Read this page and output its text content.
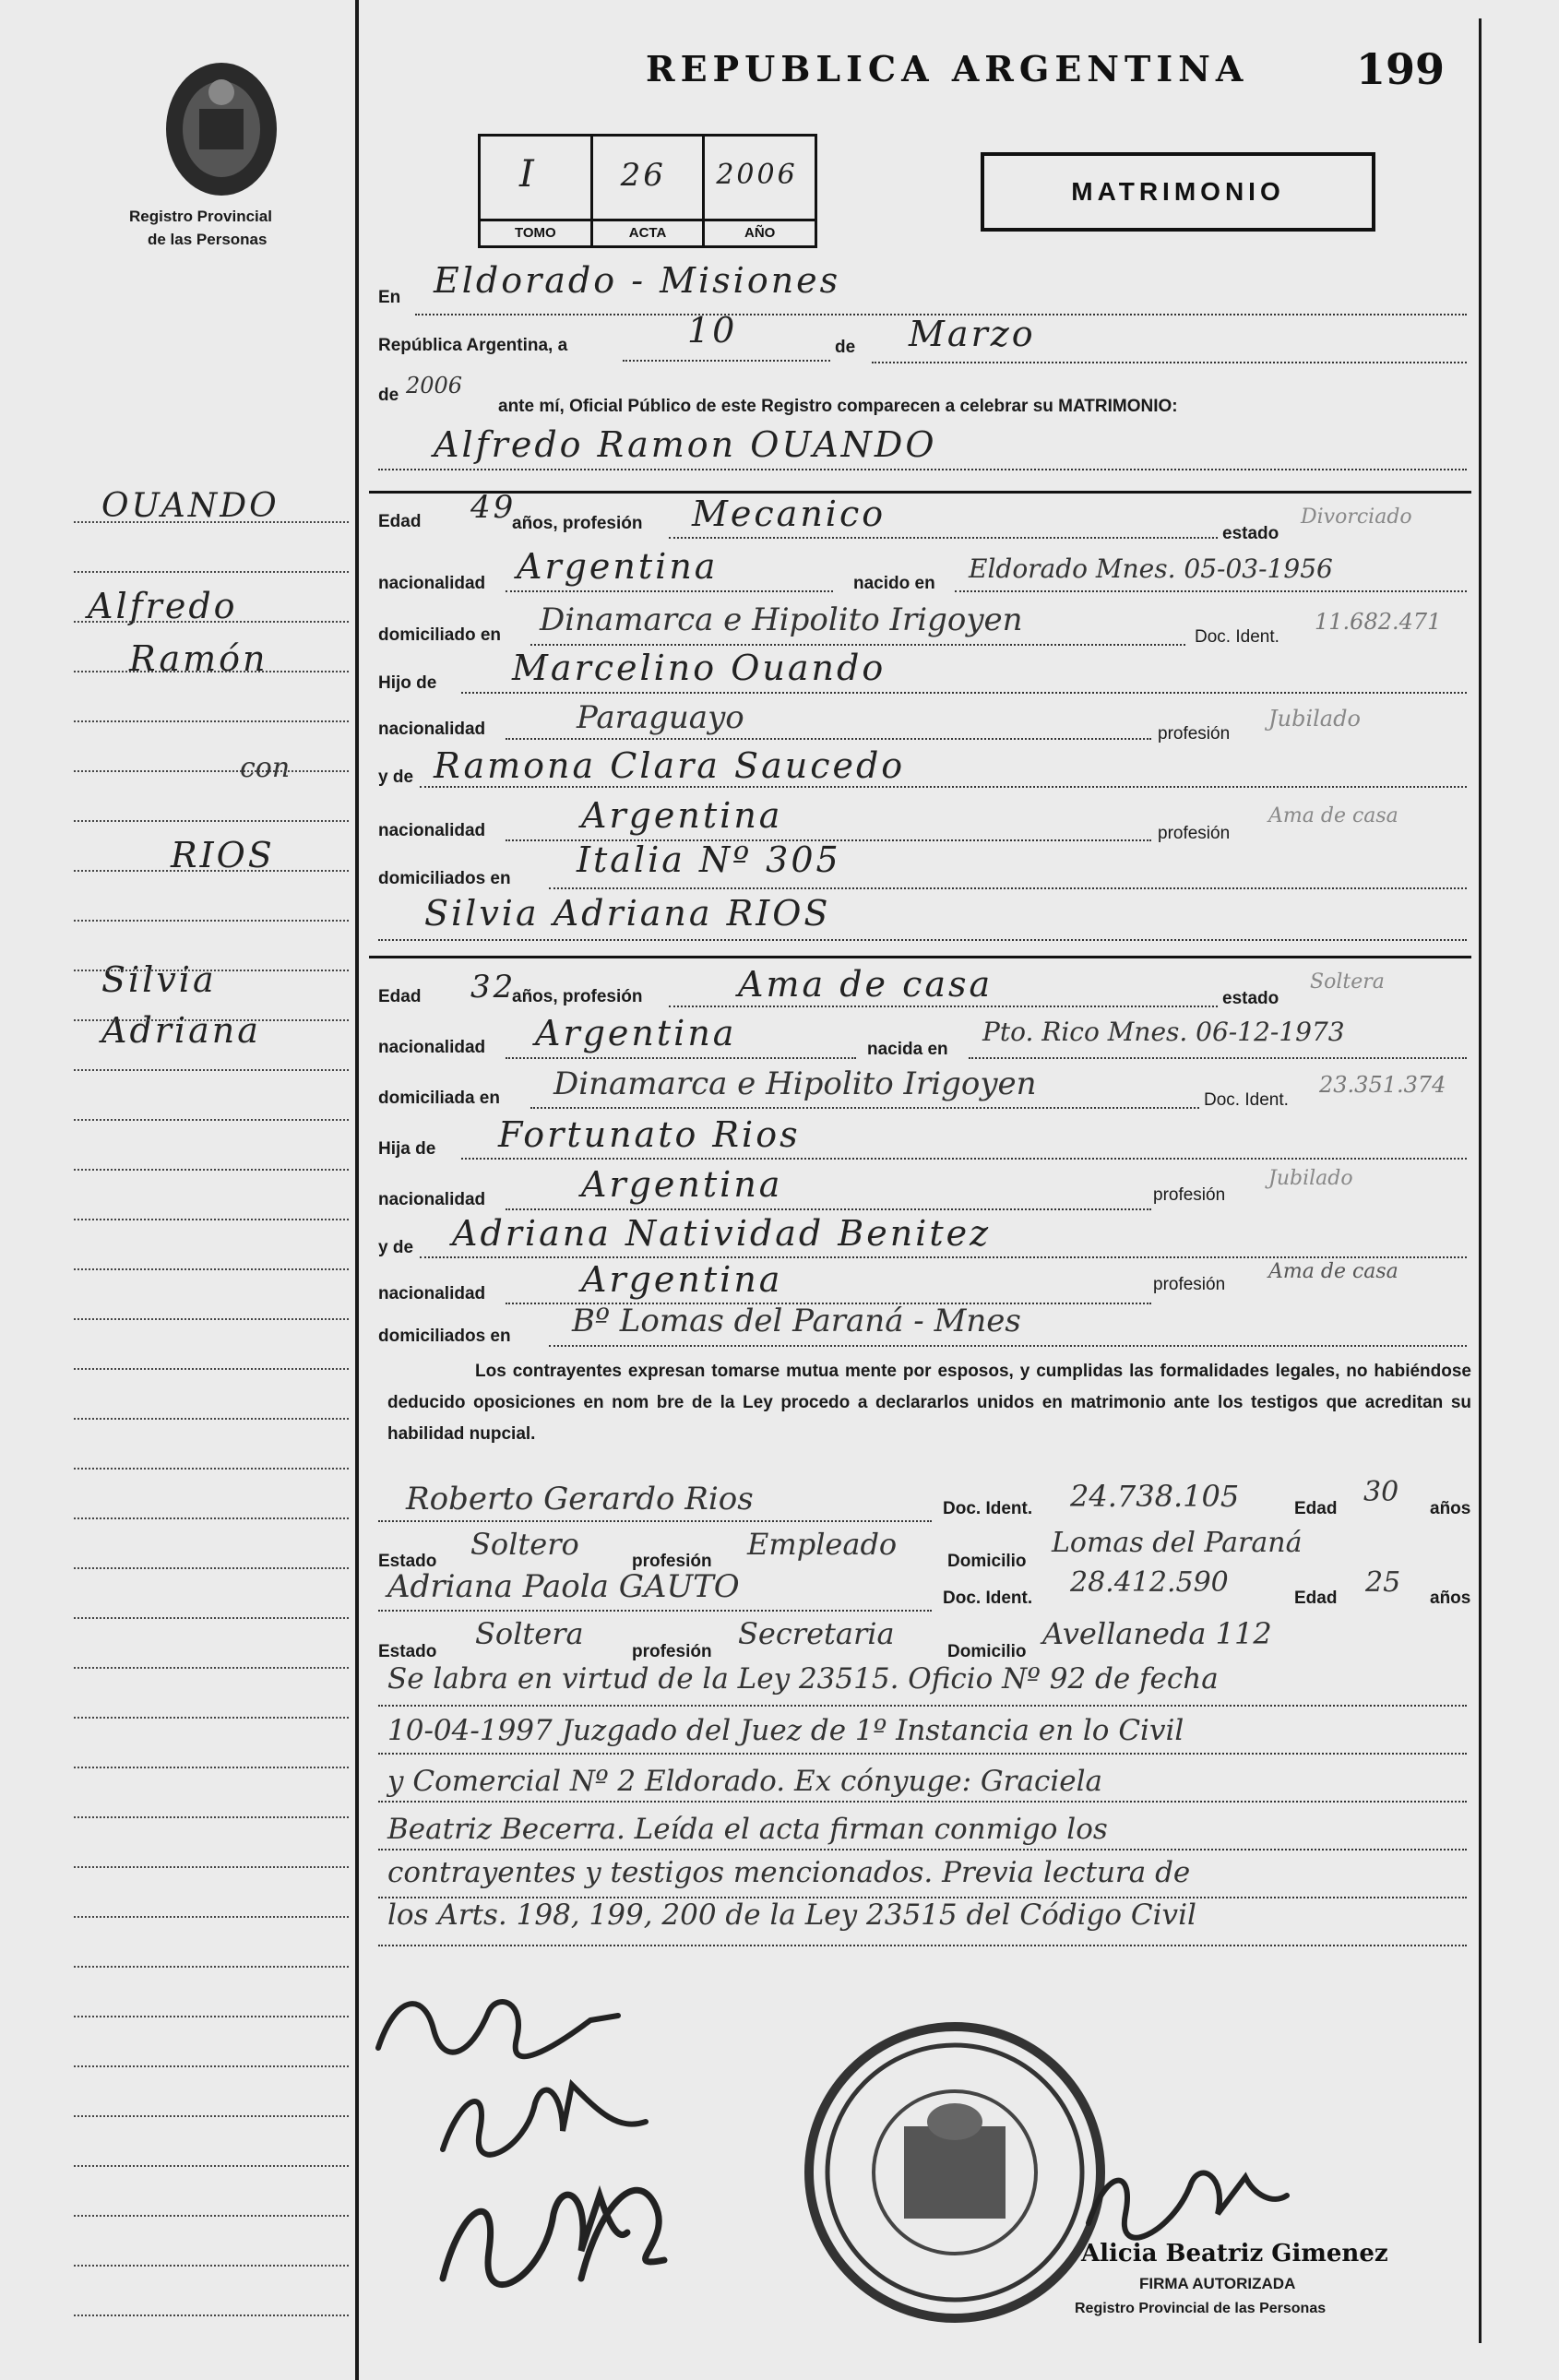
Registro Provincial
de las Personas
REPUBLICA ARGENTINA	199
I
TOMO
26
ACTA
2006
AÑO
MATRIMONIO
En Eldorado - Misiones
República Argentina, a	10	de Marzo
de 2006
ante mí, Oficial Público de este Registro comparecen a celebrar su MATRIMONIO:
Alfredo Ramon OUANDO
OUANDO
Alfredo
Ramón
con
RIOS
Silvia
Adriana
Edad 49
años, profesión Mecanico	estado
Divorciado
nacionalidad Argentina	nacido en Eldorado Mnes. 05-03-1956
domiciliado en Dinamarca e Hipolito Irigoyen	Doc. Ident.
11.682.471
Hijo de Marcelino Ouando
nacionalidad	Paraguayo	profesión
Jubilado
y de Ramona Clara Saucedo
nacionalidad	Argentina	profesión
Ama de casa
domiciliados en Italia Nº 305
Silvia Adriana RIOS
Edad 32
años, profesión	Ama de casa	estado
Soltera
nacionalidad Argentina	nacida en
Pto. Rico Mnes. 06-12-1973
domiciliada en Dinamarca e Hipolito Irigoyen	Doc. Ident.
23.351.374
Hija de Fortunato Rios
nacionalidad	Argentina	profesión
Jubilado
y de Adriana Natividad Benitez
nacionalidad	Argentina	profesión
Ama de casa
domiciliados en Bº Lomas del Paraná - Mnes
Los contrayentes expresan tomarse mutua mente por esposos, y cumplidas las formalidades legales, no habiéndose deducido oposiciones en nom bre de la Ley procedo a declararlos unidos en matrimonio ante los testigos que acreditan su habilidad nupcial.
Roberto Gerardo Rios	Doc. Ident. 24.738.105	Edad
30
años
Estado Soltero	profesión Empleado	Domicilio
Lomas del Paraná
Adriana Paola GAUTO	Doc. Ident. 28.412.590	Edad 25 años
Estado
Soltera
profesión
Secretaria
Domicilio
Avellaneda 112
Se labra en virtud de la Ley 23515. Oficio Nº 92 de fecha
10-04-1997 Juzgado del Juez de 1º Instancia en lo Civil
y Comercial Nº 2 Eldorado. Ex cónyuge: Graciela
Beatriz Becerra. Leída el acta firman conmigo los
contrayentes y testigos mencionados. Previa lectura de
los Arts. 198, 199, 200 de la Ley 23515 del Código Civil
Alicia Beatriz Gimenez
FIRMA AUTORIZADA
Registro Provincial de las Personas
